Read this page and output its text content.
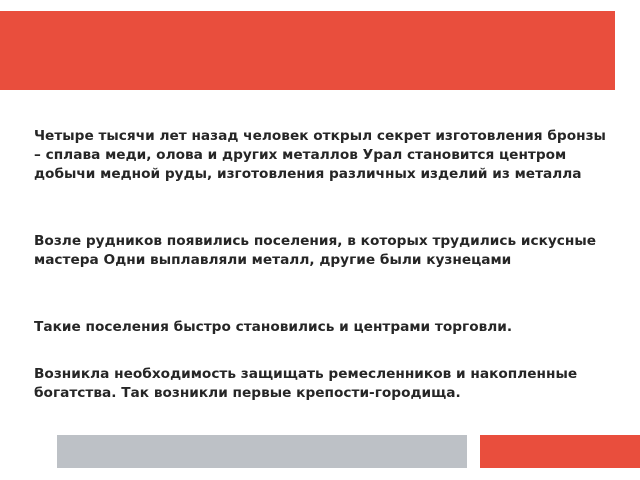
Четыре тысячи лет назад человек открыл секрет изготовления бронзы – сплава меди, олова и других металлов Урал становится центром добычи медной руды, изготовления различных изделий из металла

Возле рудников появились поселения, в которых трудились искусные мастера Одни выплавляли металл, другие были кузнецами

Такие поселения быстро становились и центрами торговли.

Возникла необходимость защищать ремесленников и накопленные богатства. Так возникли первые крепости-городища.
